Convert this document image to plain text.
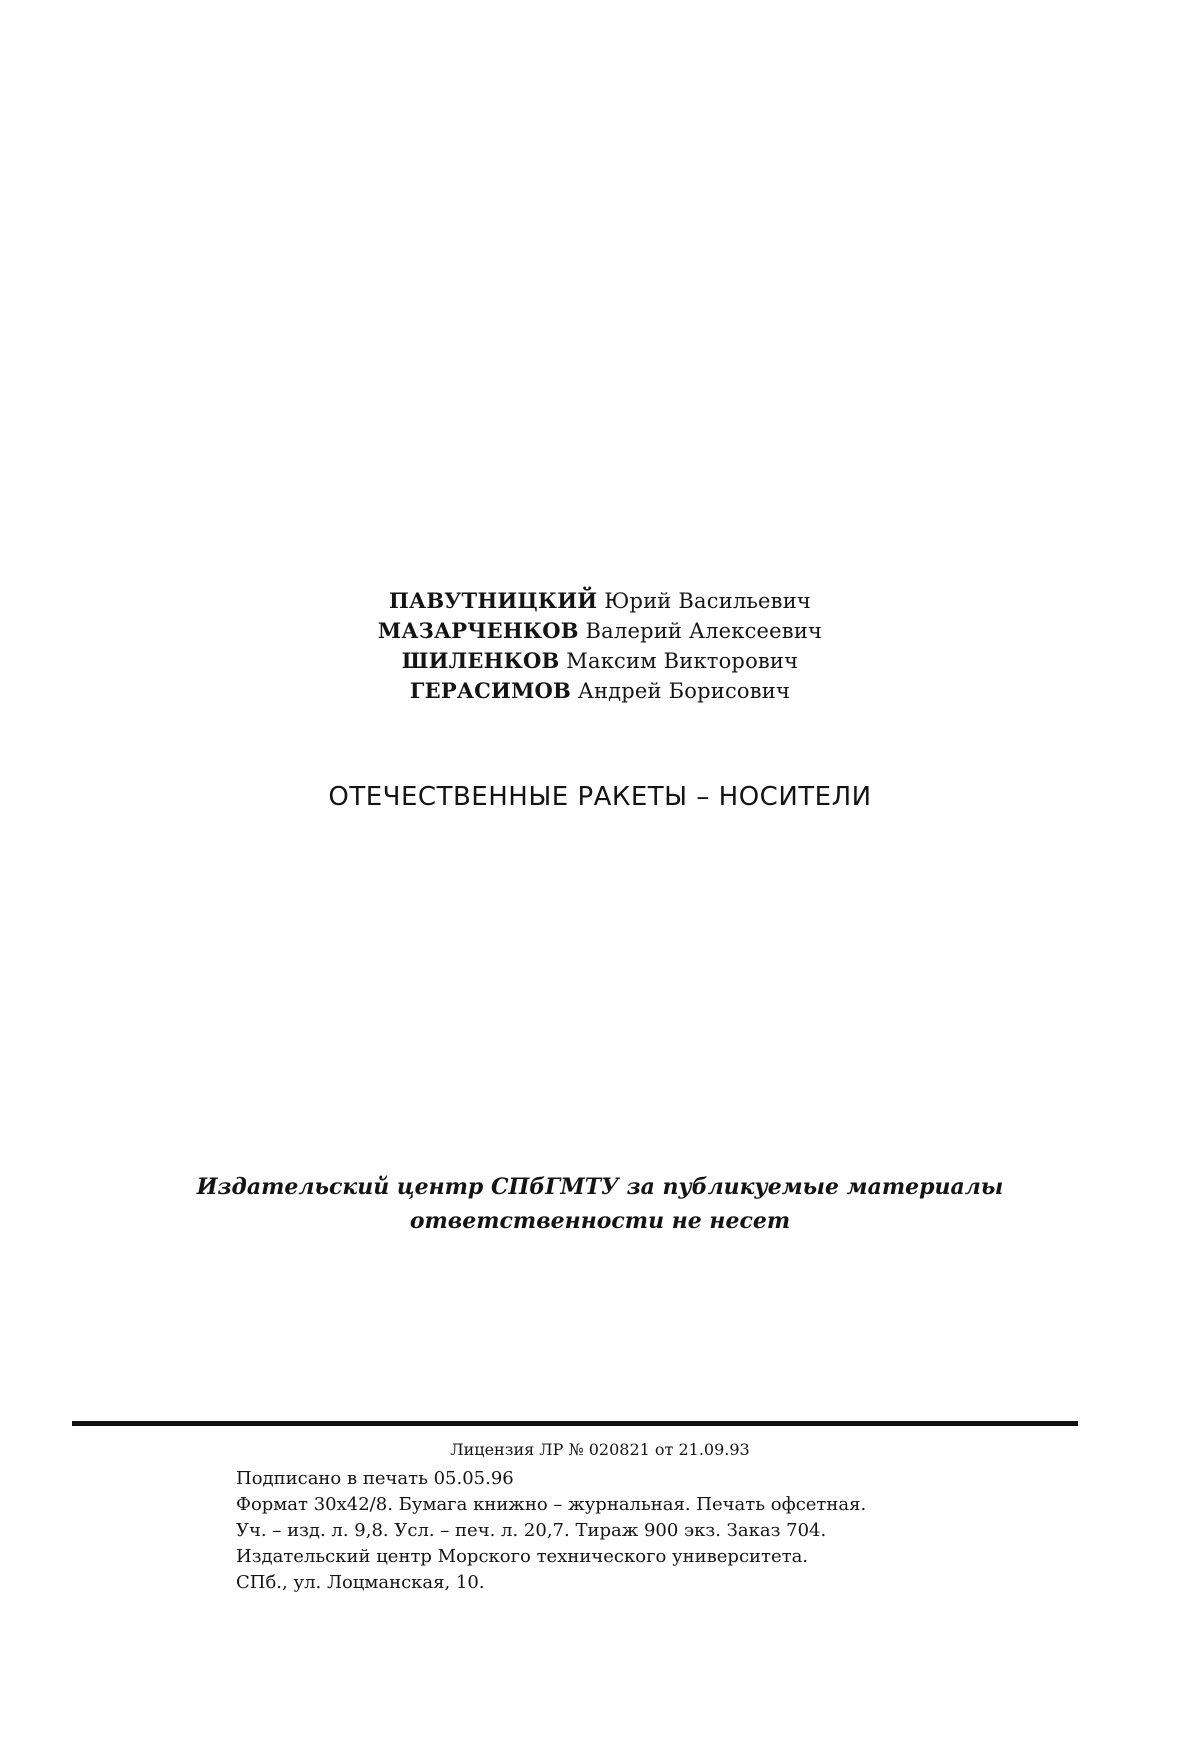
ПАВУТНИЦКИЙ Юрий Васильевич
МАЗАРЧЕНКОВ Валерий Алексеевич
ШИЛЕНКОВ Максим Викторович
ГЕРАСИМОВ Андрей Борисович
ОТЕЧЕСТВЕННЫЕ РАКЕТЫ – НОСИТЕЛИ
Издательский центр СПбГМТУ за публикуемые материалы
ответственности не несет
Лицензия ЛР № 020821 от 21.09.93
Подписано в печать 05.05.96
Формат 30х42/8. Бумага книжно – журнальная. Печать офсетная.
Уч. – изд. л. 9,8. Усл. – печ. л. 20,7. Тираж 900 экз. Заказ 704.
Издательский центр Морского технического университета.
СПб., ул. Лоцманская, 10.
